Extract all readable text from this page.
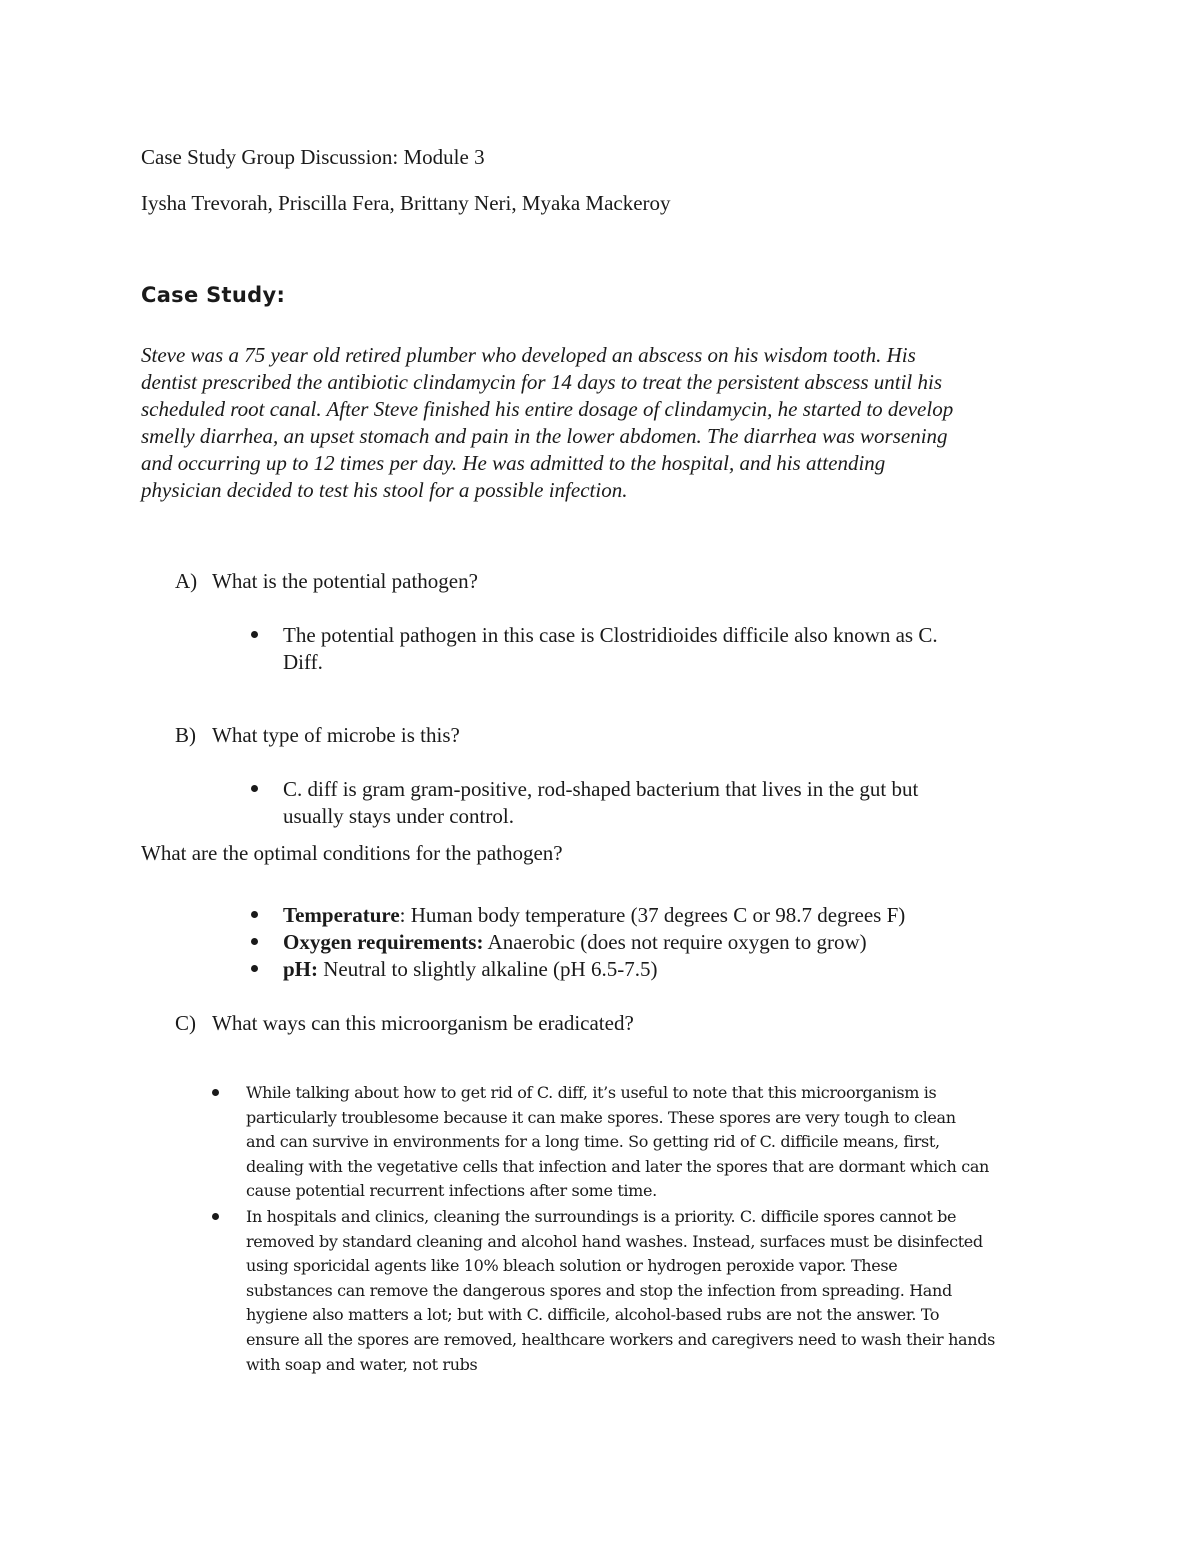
Case Study Group Discussion: Module 3

Iysha Trevorah, Priscilla Fera, Brittany Neri, Myaka Mackeroy

Case Study:

Steve was a 75 year old retired plumber who developed an abscess on his wisdom tooth. His
dentist prescribed the antibiotic clindamycin for 14 days to treat the persistent abscess until his
scheduled root canal. After Steve finished his entire dosage of clindamycin, he started to develop
smelly diarrhea, an upset stomach and pain in the lower abdomen. The diarrhea was worsening
and occurring up to 12 times per day. He was admitted to the hospital, and his attending
physician decided to test his stool for a possible infection.
A) What is the potential pathogen?
The potential pathogen in this case is Clostridioides difficile also known as C.
Diff.
B) What type of microbe is this?
C. diff is gram gram-positive, rod-shaped bacterium that lives in the gut but
usually stays under control.

What are the optimal conditions for the pathogen?

Temperature: Human body temperature (37 degrees C or 98.7 degrees F)

Oxygen requirements: Anaerobic (does not require oxygen to grow)

pH: Neutral to slightly alkaline (pH 6.5-7.5)

C) What ways can this microorganism be eradicated?
While talking about how to get rid of C. diff, it’s useful to note that this microorganism is
particularly troublesome because it can make spores. These spores are very tough to clean
and can survive in environments for a long time. So getting rid of C. difficile means, first,
dealing with the vegetative cells that infection and later the spores that are dormant which can
cause potential recurrent infections after some time.
In hospitals and clinics, cleaning the surroundings is a priority. C. difficile spores cannot be
removed by standard cleaning and alcohol hand washes. Instead, surfaces must be disinfected
using sporicidal agents like 10% bleach solution or hydrogen peroxide vapor. These
substances can remove the dangerous spores and stop the infection from spreading. Hand
hygiene also matters a lot; but with C. difficile, alcohol-based rubs are not the answer. To
ensure all the spores are removed, healthcare workers and caregivers need to wash their hands
with soap and water, not rubs
